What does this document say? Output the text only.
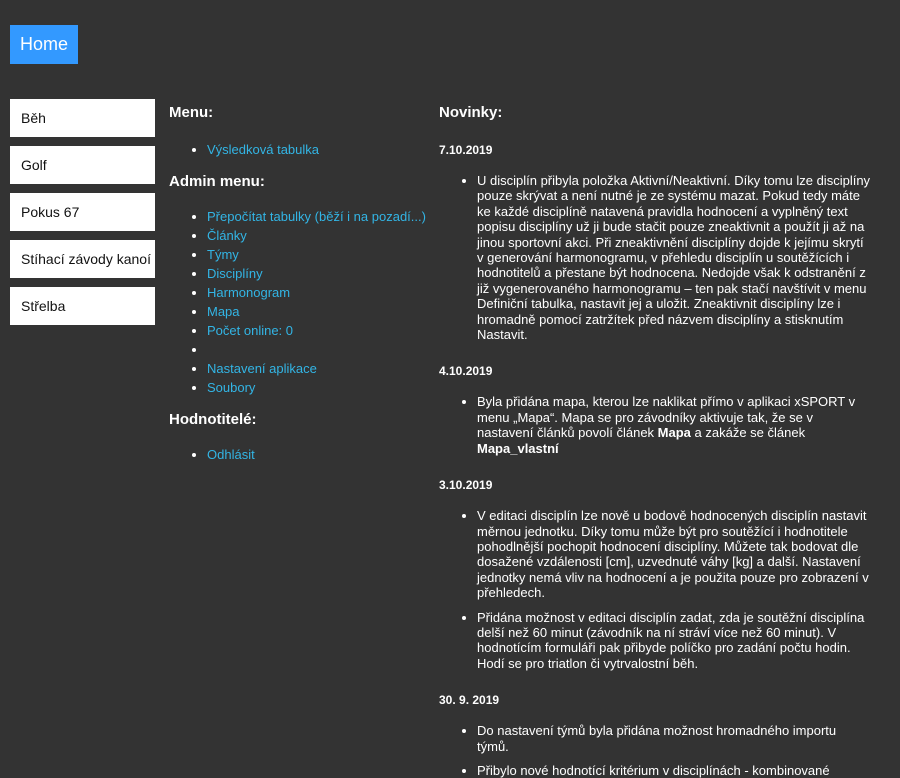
Home
Běh
Golf
Pokus 67
Stíhací závody kanoí
Střelba
Menu:
• Výsledková tabulka
Admin menu:
• Přepočítat tabulky (běží i na pozadí...)
• Články
• Týmy
• Disciplíny
• Harmonogram
• Mapa
• Počet online: 0
•
• Nastavení aplikace
• Soubory
Hodnotitelé:
• Odhlásit
Novinky:
7.10.2019
• U disciplín přibyla položka Aktivní/Neaktivní. Díky tomu lze disciplíny pouze skrývat a není nutné je ze systému mazat. Pokud tedy máte ke každé disciplíně natavená pravidla hodnocení a vyplněný text popisu disciplíny už ji bude stačit pouze zneaktivnit a použít ji až na jinou sportovní akci. Při zneaktivnění disciplíny dojde k jejímu skrytí v generování harmonogramu, v přehledu disciplín u soutěžících i hodnotitelů a přestane být hodnocena. Nedojde však k odstranění z již vygenerovaného harmonogramu – ten pak stačí navštívit v menu Definiční tabulka, nastavit jej a uložit. Zneaktivnit disciplíny lze i hromadně pomocí zatržítek před názvem disciplíny a stisknutím Nastavit.
4.10.2019
• Byla přidána mapa, kterou lze naklikat přímo v aplikaci xSPORT v menu „Mapa“. Mapa se pro závodníky aktivuje tak, že se v nastavení článků povolí článek Mapa a zakáže se článek Mapa_vlastní
3.10.2019
• V editaci disciplín lze nově u bodově hodnocených disciplín nastavit měrnou jednotku. Díky tomu může být pro soutěžící i hodnotitele pohodlnější pochopit hodnocení disciplíny. Můžete tak bodovat dle dosažené vzdálenosti [cm], uzvednuté váhy [kg] a další. Nastavení jednotky nemá vliv na hodnocení a je použita pouze pro zobrazení v přehledech.
• Přidána možnost v editaci disciplín zadat, zda je soutěžní disciplína delší než 60 minut (závodník na ní stráví více než 60 minut). V hodnotícím formuláři pak přibyde políčko pro zadání počtu hodin. Hodí se pro triatlon či vytrvalostní běh.
30. 9. 2019
• Do nastavení týmů byla přidána možnost hromadného importu týmů.
• Přibylo nové hodnotící kritérium v disciplínách - kombinované
